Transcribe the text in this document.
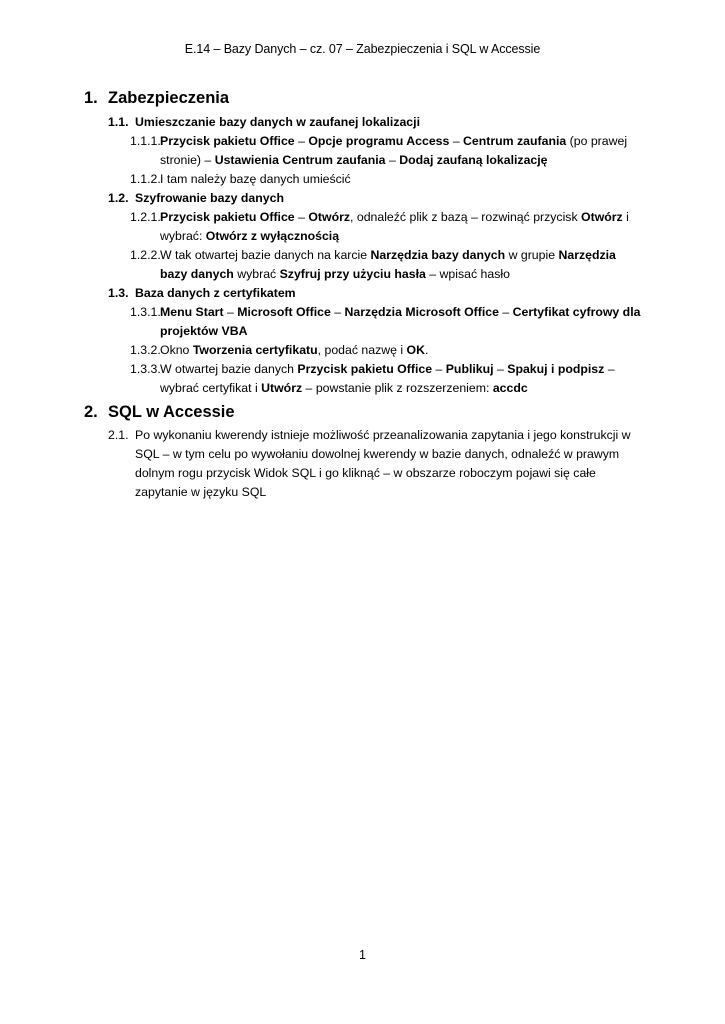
E.14 – Bazy Danych – cz. 07 – Zabezpieczenia i SQL w Accessie
1. Zabezpieczenia
1.1. Umieszczanie bazy danych w zaufanej lokalizacji
1.1.1. Przycisk pakietu Office – Opcje programu Access – Centrum zaufania (po prawej stronie) – Ustawienia Centrum zaufania – Dodaj zaufaną lokalizację
1.1.2. I tam należy bazę danych umieścić
1.2. Szyfrowanie bazy danych
1.2.1. Przycisk pakietu Office – Otwórz, odnaleźć plik z bazą – rozwinąć przycisk Otwórz i wybrać: Otwórz z wyłącznością
1.2.2. W tak otwartej bazie danych na karcie Narzędzia bazy danych w grupie Narzędzia bazy danych wybrać Szyfruj przy użyciu hasła – wpisać hasło
1.3. Baza danych z certyfikatem
1.3.1. Menu Start – Microsoft Office – Narzędzia Microsoft Office – Certyfikat cyfrowy dla projektów VBA
1.3.2. Okno Tworzenia certyfikatu, podać nazwę i OK.
1.3.3. W otwartej bazie danych Przycisk pakietu Office – Publikuj – Spakuj i podpisz – wybrać certyfikat i Utwórz – powstanie plik z rozszerzeniem: accdc
2. SQL w Accessie
2.1. Po wykonaniu kwerendy istnieje możliwość przeanalizowania zapytania i jego konstrukcji w SQL – w tym celu po wywołaniu dowolnej kwerendy w bazie danych, odnaleźć w prawym dolnym rogu przycisk Widok SQL i go kliknąć – w obszarze roboczym pojawi się całe zapytanie w języku SQL
1
